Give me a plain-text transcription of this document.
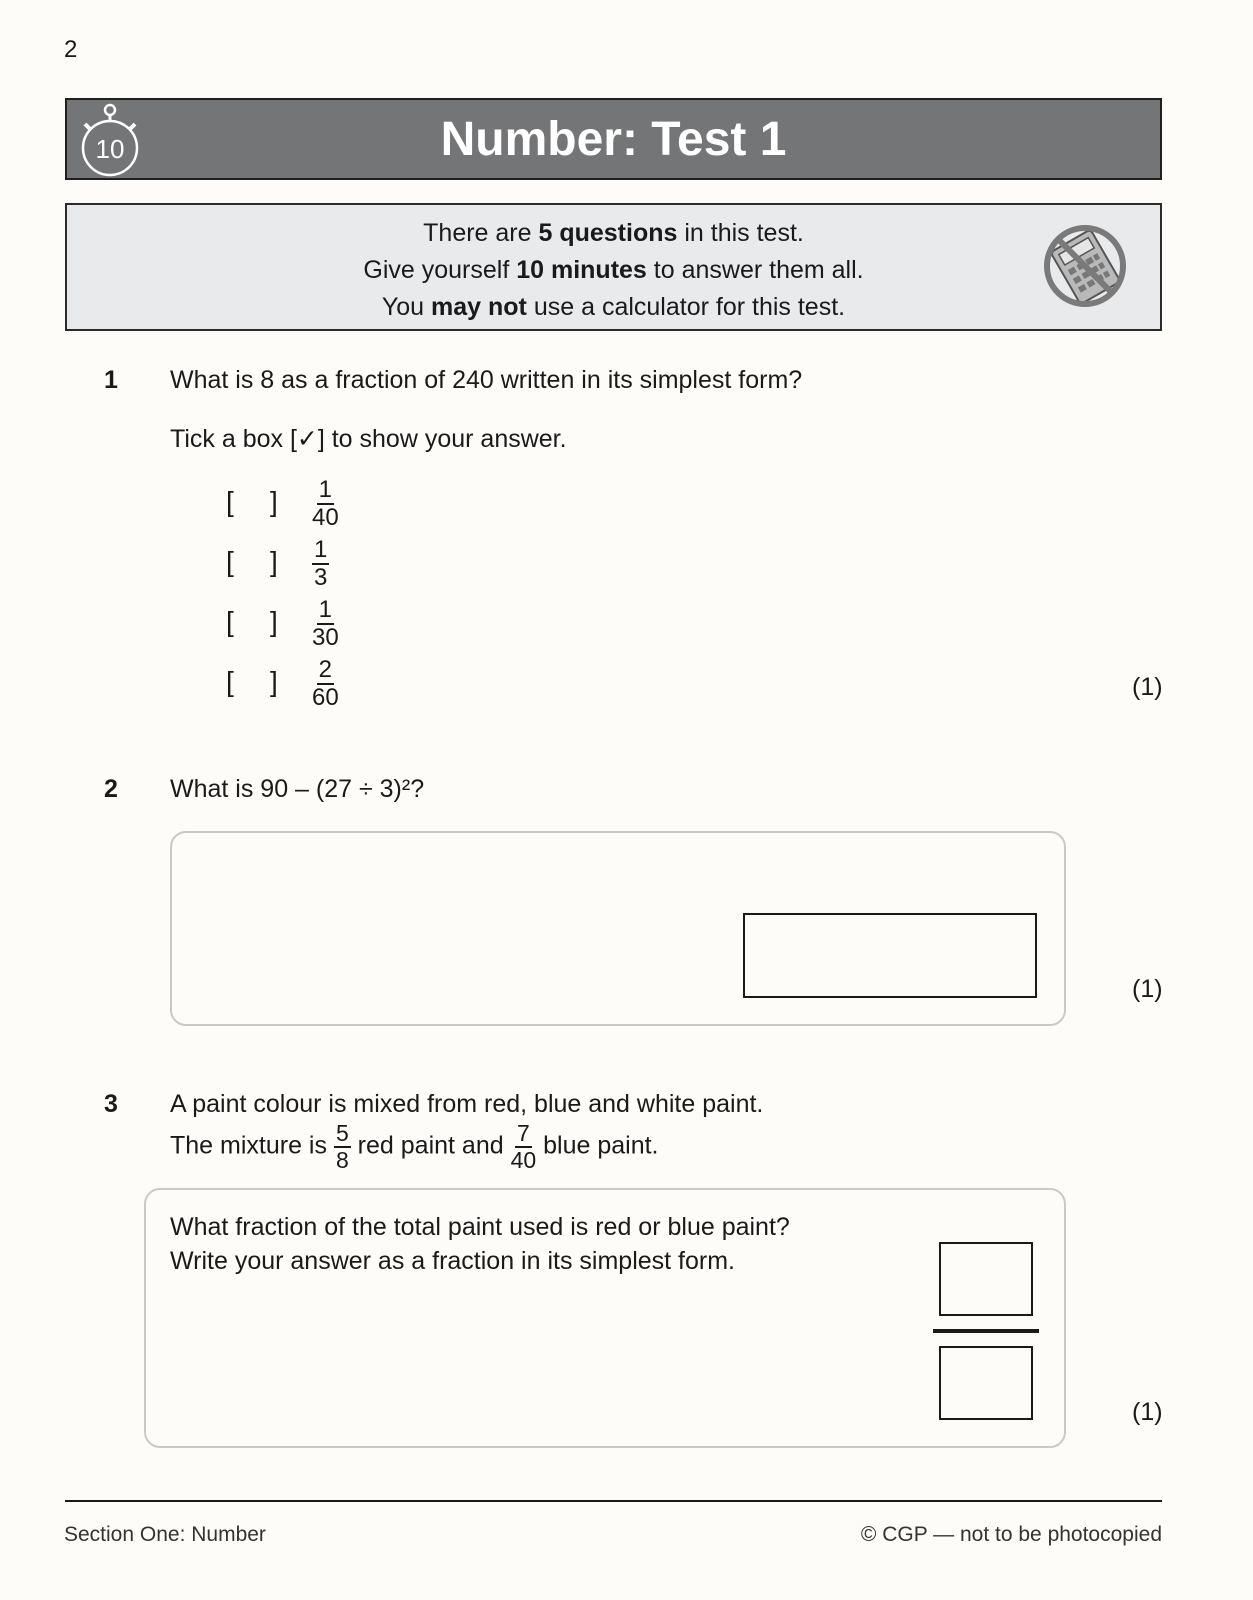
2
10	Number: Test 1
There are 5 questions in this test.
Give yourself 10 minutes to answer them all.
You may not use a calculator for this test.
1 What is 8 as a fraction of 240 written in its simplest form?
Tick a box [✓] to show your answer.
[ ] $\frac{1}{40}$
[ ] $\frac{1}{3}$
[ ] $\frac{1}{30}$
[ ] $\frac{2}{60}$	(1)
2 What is 90 – (27 ÷ 3)²?
(1)
3 A paint colour is mixed from red, blue and white paint.
The mixture is $\frac{5}{8}$ red paint and $\frac{7}{40}$ blue paint.
What fraction of the total paint used is red or blue paint?
Write your answer as a fraction in its simplest form.
(1)
Section One: Number	© CGP — not to be photocopied
